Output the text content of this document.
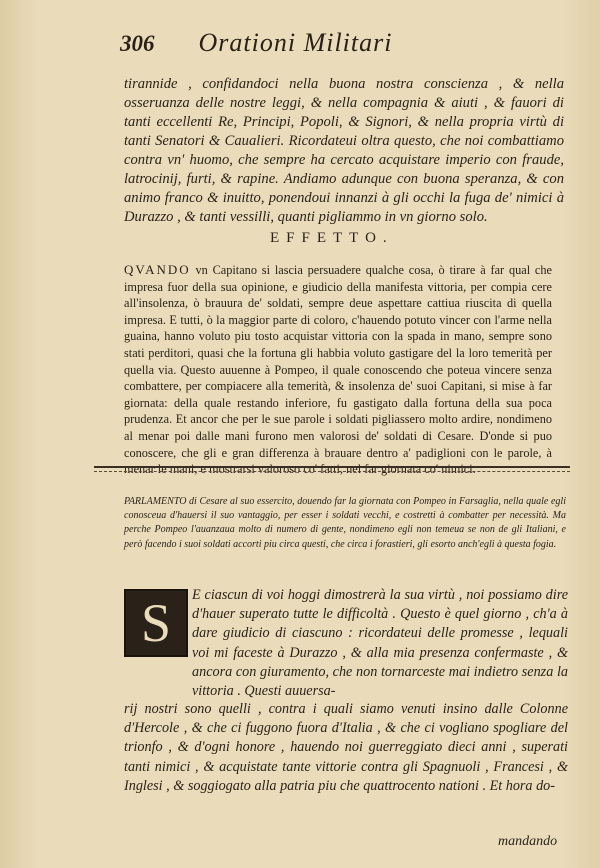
306 Orationi Militari

tirannide , confidandoci nella buona nostra conscienza , & nella osseruanza delle nostre leggi, & nella compagnia & aiuti , & fauori di tanti eccellenti Re, Principi, Popoli, & Signori, & nella propria virtù di tanti Senatori & Caualieri. Ricordateui oltra questo, che noi combattiamo contra vn' huomo, che sempre ha cercato acquistare imperio con fraude, latrocinij, furti, & rapine. Andiamo adunque con buona speranza, & con animo franco & inuitto, ponendoui innanzi à gli occhi la fuga de' nimici à Durazzo , & tanti vessilli, quanti pigliammo in vn giorno solo.

EFFETTO.

QVANDO vn Capitano si lascia persuadere qualche cosa, ò tirare à far qual che impresa fuor della sua opinione, e giudicio della manifesta vittoria, per compia cere all'insolenza, ò brauura de' soldati, sempre deue aspettare cattiua riuscita di quella impresa. E tutti, ò la maggior parte di coloro, c'hauendo potuto vincer con l'arme nella guaina, hanno voluto piu tosto acquistar vittoria con la spada in mano, sempre sono stati perditori, quasi che la fortuna gli habbia voluto gastigare del la loro temerità per quella via. Questo auuenne à Pompeo, il quale conoscendo che poteua vincere senza combattere, per compiacere alla temerità, & insolenza de' suoi Capitani, si mise à far giornata: della quale restando inferiore, fu gastigato dalla fortuna della sua poca prudenza. Et ancor che per le sue parole i soldati pigliassero molto ardire, nondimeno al menar poi dalle mani furono men valorosi de' soldati di Cesare. D'onde si puo conoscere, che gli e gran differenza à brauare dentro a' padiglioni con le parole, à menar le mani, e mostrarsi valoroso co' fatti, nel far giornata co' nimici.

PARLAMENTO di Cesare al suo essercito, douendo far la giornata con Pompeo in Farsaglia, nella quale egli conosceua d'hauersi il suo vantaggio, per esser i soldati vecchi, e costretti à combatter per necessità. Ma perche Pompeo l'auanzaua molto di numero di gente, nondimeno egli non temeua se non de gli Italiani, e però facendo i suoi soldati accorti piu circa questi, che circa i forastieri, gli esorto anch'egli à questa fogia.

S	E ciascun di voi hoggi dimostrerà la sua virtù , noi possiamo dire d'hauer superato tutte le difficoltà . Questo è quel giorno , ch'a à dare giudicio di ciascuno : ricordateui delle promesse , lequali voi mi faceste à Durazzo , & alla mia presenza confermaste , & ancora con giuramento, che non tornarceste mai indietro senza la vittoria . Questi auuersa-

rij nostri sono quelli , contra i quali siamo venuti insino dalle Colonne d'Hercole , & che ci fuggono fuora d'Italia , & che ci vogliano spogliare del trionfo , & d'ogni honore , hauendo noi guerreggiato dieci anni , superati tanti nimici , & acquistate tante vittorie contra gli Spagnuoli , Francesi , & Inglesi , & soggiogato alla patria piu che quattrocento nationi . Et hora do-

mandando
